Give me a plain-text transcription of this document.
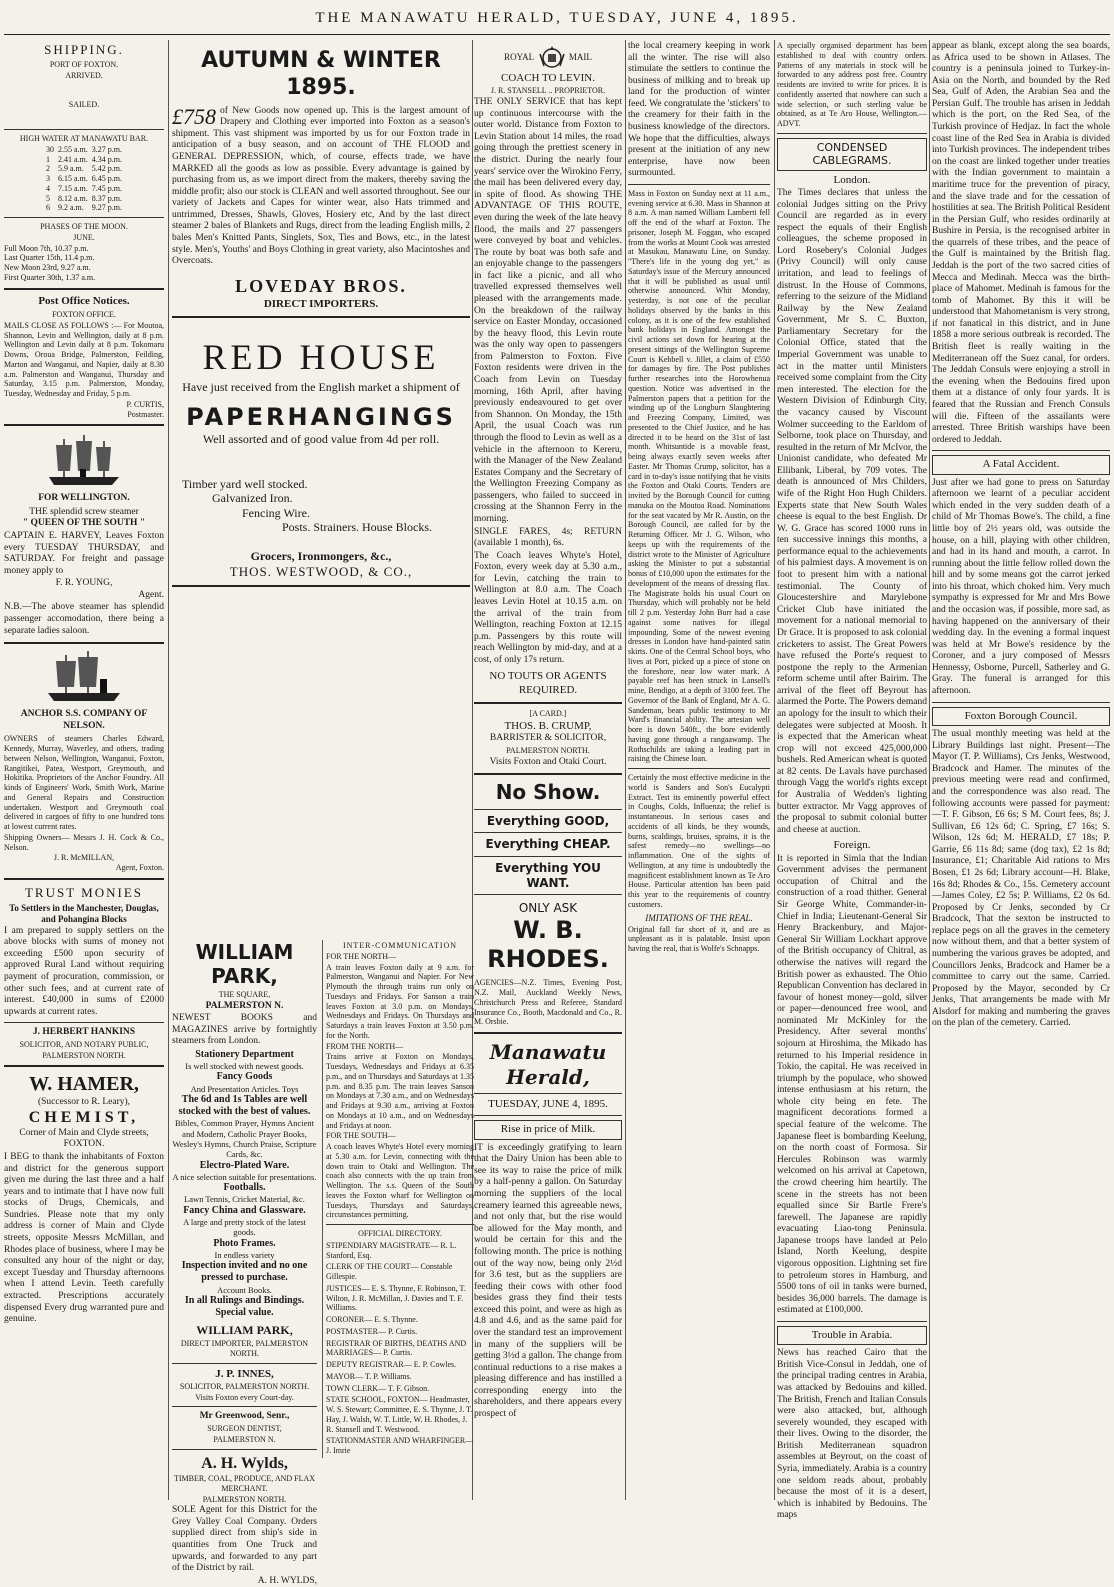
THE MANAWATU HERALD, TUESDAY, JUNE 4, 1895.
SHIPPING.
PORT OF FOXTON.
ARRIVED.
SAILED.
HIGH WATER AT MANAWATU BAR.
30	2.55 a.m.	3.27 p.m.
1	2.41 a.m.	4.34 p.m.
2	5.9 a.m.	5.42 p.m.
3	6.15 a.m.	6.45 p.m.
4	7.15 a.m.	7.45 p.m.
5	8.12 a.m.	8.37 p.m.
6	9.2 a.m.	9.27 p.m.
PHASES OF THE MOON.
JUNE.
Full Moon 7th, 10.37 p.m.
Last Quarter 15th, 11.4 p.m.
New Moon 23rd, 9.27 a.m.
First Quarter 30th, 1.37 a.m.
Post Office Notices.
FOXTON OFFICE.
MAILS CLOSE AS FOLLOWS :— For Moutoa, Shannon, Levin and Wellington, daily at 8 p.m. Wellington and Levin daily at 8 p.m. Tokomaru Downs, Oroua Bridge, Palmerston, Feilding, Marton and Wanganui, and Napier, daily at 8.30 a.m. Palmerston and Wanganui, Thursday and Saturday, 3.15 p.m. Palmerston, Monday, Tuesday, Wednesday and Friday, 5 p.m.
P. CURTIS,
Postmaster.
FOR WELLINGTON.
THE splendid screw steamer
" QUEEN OF THE SOUTH "
CAPTAIN E. HARVEY, Leaves Foxton every TUESDAY THURSDAY, and SATURDAY. For freight and passage money apply to
F. R. YOUNG,
Agent.
N.B.—The above steamer has splendid passenger accomodation, there being a separate ladies saloon.
ANCHOR S.S. COMPANY OF NELSON.
OWNERS of steamers Charles Edward, Kennedy, Murray, Waverley, and others, trading between Nelson, Wellington, Wanganui, Foxton, Rangitikei, Patea, Westport, Greymouth, and Hokitika. Proprietors of the Anchor Foundry. All kinds of Engineers' Work, Smith Work, Marine and General Repairs and Construction undertaken. Westport and Greymouth coal delivered in cargoes of fifty to one hundred tons at lowest current rates.
Shipping Owners— Messrs J. H. Cock & Co., Nelson.
J. R. McMILLAN,
Agent, Foxton.
TRUST MONIES
To Settlers in the Manchester, Douglas, and Pohangina Blocks
I am prepared to supply settlers on the above blocks with sums of money not exceeding £500 upon security of approved Rural Land without requiring payment of procuration, commission, or other such fees, and at current rate of interest. £40,000 in sums of £2000 upwards at current rates.
J. HERBERT HANKINS
SOLICITOR, AND NOTARY PUBLIC,
PALMERSTON NORTH.
W. HAMER,
(Successor to R. Leary),
CHEMIST,
Corner of Main and Clyde streets, FOXTON.
I BEG to thank the inhabitants of Foxton and district for the generous support given me during the last three and a half years and to intimate that I have now full stocks of Drugs, Chemicals, and Sundries. Please note that my only address is corner of Main and Clyde streets, opposite Messrs McMillan, and Rhodes place of business, where I may be consulted any hour of the night or day, except Tuesday and Thursday afternoons when I attend Levin. Teeth carefully extracted. Prescriptions accurately dispensed Every drug warranted pure and genuine.
AUTUMN & WINTER 1895.
£758 of New Goods now opened up. This is the largest amount of Drapery and Clothing ever imported into Foxton as a season's shipment. This vast shipment was imported by us for our Foxton trade in anticipation of a busy season, and on account of THE FLOOD and GENERAL DEPRESSION, which, of course, effects trade, we have MARKED all the goods as low as possible. Every advantage is gained by purchasing from us, as we import direct from the makers, thereby saving the middle profit; also our stock is CLEAN and well assorted throughout. See our variety of Jackets and Capes for winter wear, also Hats trimmed and untrimmed, Dresses, Shawls, Gloves, Hosiery etc, And by the last direct steamer 2 bales of Blankets and Rugs, direct from the leading English mills, 2 bales Men's Knitted Pants, Singlets, Sox, Ties and Bows, etc., in the latest style. Men's, Youths' and Boys Clothing in great variety, also Macintoshes and Overcoats.
LOVEDAY BROS.
DIRECT IMPORTERS.
RED HOUSE
Have just received from the English market a shipment of
PAPERHANGINGS
Well assorted and of good value from 4d per roll.
Timber yard well stocked.
Galvanized Iron.
Fencing Wire.
Posts. Strainers. House Blocks.
Grocers, Ironmongers, &c.,
THOS. WESTWOOD, & CO.,
WILLIAM PARK,
THE SQUARE,
PALMERSTON N.
NEWEST BOOKS and MAGAZINES arrive by fortnightly steamers from London.
Stationery Department
Is well stocked with newest goods.
Fancy Goods
And Presentation Articles. Toys
The 6d and 1s Tables are well stocked with the best of values.
Bibles, Common Prayer, Hymns Ancient and Modern, Catholic Prayer Books, Wesley's Hymns, Church Praise, Scripture Cards, &c.
Electro-Plated Ware.
A nice selection suitable for presentations.
Footballs.
Lawn Tennis, Cricket Material, &c.
Fancy China and Glassware.
A large and pretty stock of the latest goods.
Photo Frames.
In endless variety
Inspection invited and no one pressed to purchase.
Account Books.
In all Rulings and Bindings. Special value.
WILLIAM PARK,
DIRECT IMPORTER, PALMERSTON NORTH.
J. P. INNES,
SOLICITOR, PALMERSTON NORTH.
Visits Foxton every Court-day.
Mr Greenwood, Senr.,
SURGEON DENTIST,
PALMERSTON N.
A. H. Wylds,
TIMBER, COAL, PRODUCE, AND FLAX MERCHANT.
PALMERSTON NORTH.
SOLE Agent for this District for the Grey Valley Coal Company. Orders supplied direct from ship's side in quantities from One Truck and upwards, and forwarded to any part of the District by rail.
A. H. WYLDS,
INTER-COMMUNICATION
FOR THE NORTH—
A train leaves Foxton daily at 9 a.m. for Palmerston, Wanganui and Napier. For New Plymouth the through trains run only on Tuesdays and Fridays. For Sanson a train leaves Foxton at 3.0 p.m. on Mondays, Wednesdays and Fridays. On Thursdays and Saturdays a train leaves Foxton at 3.50 p.m. for the North.
FROM THE NORTH—
Trains arrive at Foxton on Mondays, Tuesdays, Wednesdays and Fridays at 6.35 p.m., and on Thursdays and Saturdays at 1.35 p.m. and 8.35 p.m. The train leaves Sanson on Mondays at 7.30 a.m., and on Wednesdays and Fridays at 9.30 a.m., arriving at Foxton on Mondays at 10 a.m., and on Wednesdays and Fridays at noon.
FOR THE SOUTH—
A coach leaves Whyte's Hotel every morning at 5.30 a.m. for Levin, connecting with the down train to Otaki and Wellington. The coach also connects with the up train from Wellington. The s.s. Queen of the South leaves the Foxton wharf for Wellington on Tuesdays, Thursdays and Saturdays, circumstances permitting.
OFFICIAL DIRECTORY.
STIPENDIARY MAGISTRATE— R. L. Stanford, Esq.
CLERK OF THE COURT— Constable Gillespie.
JUSTICES— E. S. Thynne, F. Robinson, T. Wilton, J. R. McMillan, J. Davies and T. F. Williams.
CORONER— E. S. Thynne.
POSTMASTER— P. Curtis.
REGISTRAR OF BIRTHS, DEATHS AND MARRIAGES— P. Curtis.
DEPUTY REGISTRAR— E. P. Cowles.
MAYOR— T. P. Williams.
TOWN CLERK— T. F. Gibson.
STATE SCHOOL, FOXTON— Headmaster, W. S. Stewart; Committee, E. S. Thynne, J. T. Hay, J. Walsh, W. T. Little, W. H. Rhodes, J. R. Stansell and T. Westwood.
STATIONMASTER AND WHARFINGER— J. Imrie
ROYAL	MAIL
COACH TO LEVIN.
J. R. STANSELL .. PROPRIETOR.
THE ONLY SERVICE that has kept up continuous intercourse with the outer world. Distance from Foxton to Levin Station about 14 miles, the road going through the prettiest scenery in the district. During the nearly four years' service over the Wirokino Ferry, the mail has been delivered every day, in spite of flood. As showing THE ADVANTAGE OF THIS ROUTE, even during the week of the late heavy flood, the mails and 27 passengers were conveyed by boat and vehicles. The route by boat was both safe and an enjoyable change to the passengers in fact like a picnic, and all who travelled expressed themselves well pleased with the arrangements made. On the breakdown of the railway service on Easter Monday, occasioned by the heavy flood, this Levin route was the only way open to passengers from Palmerston to Foxton. Five Foxton residents were driven in the Coach from Levin on Tuesday morning, 16th April, after having previously endeavoured to get over from Shannon. On Monday, the 15th April, the usual Coach was run through the flood to Levin as well as a vehicle in the afternoon to Kereru, with the Manager of the New Zealand Estates Company and the Secretary of the Wellington Freezing Company as passengers, who failed to succeed in crossing at the Shannon Ferry in the morning.
SINGLE FARES, 4s; RETURN (available 1 month), 6s.
The Coach leaves Whyte's Hotel, Foxton, every week day at 5.30 a.m., for Levin, catching the train to Wellington at 8.0 a.m. The Coach leaves Levin Hotel at 10.15 a.m. on the arrival of the train from Wellington, reaching Foxton at 12.15 p.m. Passengers by this route will reach Wellington by mid-day, and at a cost, of only 17s return.
NO TOUTS OR AGENTS REQUIRED.
[A CARD.]
THOS. B. CRUMP,
BARRISTER & SOLICITOR,
PALMERSTON NORTH.
Visits Foxton and Otaki Court.
No Show.
Everything GOOD,
Everything CHEAP.
Everything YOU WANT.
ONLY ASK
W. B. RHODES.
AGENCIES—N.Z. Times, Evening Post, N.Z. Mail, Auckland Weekly News, Christchurch Press and Referee, Standard Insurance Co., Booth, Macdonald and Co., R. M. Orsbie.
Manawatu Herald,
TUESDAY, JUNE 4, 1895.
Rise in price of Milk.
IT is exceedingly gratifying to learn that the Dairy Union has been able to see its way to raise the price of milk by a half-penny a gallon. On Saturday morning the suppliers of the local creamery learned this agreeable news, and not only that, but the rise would be allowed for the May month, and would be certain for this and the following month. The price is nothing out of the way now, being only 2½d for 3.6 test, but as the suppliers are feeding their cows with other food besides grass they find their tests exceed this point, and were as high as 4.8 and 4.6, and as the same paid for over the standard test an improvement in many of the suppliers will be getting 3½d a gallon. The change from continual reductions to a rise makes a pleasing difference and has instilled a corresponding energy into the shareholders, and there appears every prospect of
the local creamery keeping in work all the winter. The rise will also stimulate the settlers to continue the business of milking and to break up land for the production of winter feed. We congratulate the 'stickers' to the creamery for their faith in the business knowledge of the directors. We hope that the difficulties, always present at the initiation of any new enterprise, have now been surmounted.
Mass in Foxton on Sunday next at 11 a.m., evening service at 6.30. Mass in Shannon at 8 a.m. A man named William Lamberti fell off the end of the wharf at Foxton. The prisoner, Joseph M. Foggan, who escaped from the works at Mount Cook was arrested at Masukau, Manawatu Line, on Sunday. "There's life in the young dog yet," as Saturday's issue of the Mercury announced that it will be published as usual until otherwise announced. Whit Monday, yesterday, is not one of the peculiar holidays observed by the banks in this colony, as it is one of the few established bank holidays in England. Amongst the civil actions set down for hearing at the present sittings of the Wellington Supreme Court is Kebbell v. Jillet, a claim of £550 for damages by fire. The Post publishes further researches into the Horowhenua question. Notice was advertised in the Palmerston papers that a petition for the winding up of the Longburn Slaughtering and Freezing Company, Limited, was presented to the Chief Justice, and he has directed it to be heard on the 31st of last month. Whitsuntide is a movable feast, being always exactly seven weeks after Easter. Mr Thomas Crump, solicitor, has a card in to-day's issue notifying that he visits the Foxton and Otaki Courts. Tenders are invited by the Borough Council for cutting manuka on the Moutoa Road. Nominations for the seat vacated by Mr R. Austin, on the Borough Council, are called for by the Returning Officer. Mr J. G. Wilson, who keeps up with the requirements of the district wrote to the Minister of Agriculture asking the Minister to put a substantial bonus of £10,000 upon the estimates for the development of the means of dressing flax. The Magistrate holds his usual Court on Thursday, which will probably not be held till 2 p.m. Yesterday John Burr had a case against some natives for illegal impounding. Some of the newest evening dresses in London have hand-painted satin skirts. One of the Central School boys, who lives at Port, picked up a piece of stone on the foreshore, near low water mark. A payable reef has been struck in Lansell's mine, Bendigo, at a depth of 3100 feet. The Governor of the Bank of England, Mr A. G. Sandeman, bears public testimony to Mr Ward's financial ability. The artesian well bore is down 540ft., the bore evidently having gone through a rangaawamp. The Rothschilds are taking a leading part in raising the Chinese loan.
Certainly the most effective medicine in the world is Sanders and Son's Eucalypti Extract. Test its eminently powerful effect in Coughs, Colds, Influenza; the relief is instantaneous. In serious cases and accidents of all kinds, be they wounds, burns, scaldings, bruises, sprains, it is the safest remedy—no swellings—no inflammation. One of the sights of Wellington, at any time is undoubtedly the magnificent establishment known as Te Aro House. Particular attention has been paid this year to the requirements of country customers.
IMITATIONS OF THE REAL.
Original fall far short of it, and are as unpleasant as it is palatable. Insist upon having the real, that is Wolfe's Schnapps.
A specially organised department has been established to deal with country orders. Patterns of any materials in stock will be forwarded to any address post free. Country residents are invited to write for prices. It is confidently asserted that nowhere can such a wide selection, or such sterling value be obtained, as at Te Aro House, Wellington.—ADVT.
CONDENSED CABLEGRAMS.
London.
The Times declares that unless the colonial Judges sitting on the Privy Council are regarded as in every respect the equals of their English colleagues, the scheme proposed in Lord Rosebery's Colonial Judges (Privy Council) will only cause irritation, and lead to feelings of distrust. In the House of Commons, referring to the seizure of the Midland Railway by the New Zealand Government, Mr S. C. Buxton, Parliamentary Secretary for the Colonial Office, stated that the Imperial Government was unable to act in the matter until Ministers received some complaint from the City men interested. The election for the Western Division of Edinburgh City, the vacancy caused by Viscount Wolmer succeeding to the Earldom of Selborne, took place on Thursday, and resulted in the return of Mr McIvor, the Unionist candidate, who defeated Mr Ellibank, Liberal, by 709 votes. The death is announced of Mrs Childers, wife of the Right Hon Hugh Childers. Experts state that New South Wales cheese is equal to the best English. Dr W. G. Grace has scored 1000 runs in ten successive innings this months, a performance equal to the achievements of his palmiest days. A movement is on foot to present him with a national testimonial. The County of Gloucestershire and Marylebone Cricket Club have initiated the movement for a national memorial to Dr Grace. It is proposed to ask colonial cricketers to assist. The Great Powers have refused the Porte's request to postpone the reply to the Armenian reform scheme until after Bairim. The arrival of the fleet off Beyrout has alarmed the Porte. The Powers demand an apology for the insult to which their delegates were subjected at Moosh. It is expected that the American wheat crop will not exceed 425,000,000 bushels. Red American wheat is quoted at 82 cents. De Lavals have purchased through Vagg the world's rights except for Australia of Wedden's lighting butter extractor. Mr Vagg approves of the proposal to submit colonial butter and cheese at auction.
Foreign.
It is reported in Simla that the Indian Government advises the permanent occupation of Chitral and the construction of a road thither. General Sir George White, Commander-in-Chief in India; Lieutenant-General Sir Henry Brackenbury, and Major-General Sir William Lockhart approve of the British occupancy of Chitral, as otherwise the natives will regard the British power as exhausted. The Ohio Republican Convention has declared in favour of honest money—gold, silver or paper—denounced free wool, and nominated Mr McKinley for the Presidency. After several months' sojourn at Hiroshima, the Mikado has returned to his Imperial residence in Tokio, the capital. He was received in triumph by the populace, who showed intense enthusiasm at his return, the whole city being en fete. The magnificent decorations formed a special feature of the welcome. The Japanese fleet is bombarding Keelung, on the north coast of Formosa. Sir Hercules Robinson was warmly welcomed on his arrival at Capetown, the crowd cheering him heartily. The scene in the streets has not been equalled since Sir Bartle Frere's farewell. The Japanese are rapidly evacuating Liao-tong Peninsula. Japanese troops have landed at Pelo Island, North Keelung, despite vigorous opposition. Lightning set fire to petroleum stores in Hamburg, and 5500 tons of oil in tanks were burned, besides 36,000 barrels. The damage is estimated at £100,000.
Trouble in Arabia.
News has reached Cairo that the British Vice-Consul in Jeddah, one of the principal trading centres in Arabia, was attacked by Bedouins and killed. The British, French and Italian Consuls were also attacked, but, although severely wounded, they escaped with their lives. Owing to the disorder, the British Mediterranean squadron assembles at Beyrout, on the coast of Syria, immediately. Arabia is a country one seldom reads about, probably because the most of it is a desert, which is inhabited by Bedouins. The maps
appear as blank, except along the sea boards, as Africa used to be shown in Atlases. The country is a peninsula joined to Turkey-in-Asia on the North, and bounded by the Red Sea, Gulf of Aden, the Arabian Sea and the Persian Gulf. The trouble has arisen in Jeddah which is the port, on the Red Sea, of the Turkish province of Hedjaz. In fact the whole coast line of the Red Sea in Arabia is divided into Turkish provinces. The independent tribes on the coast are linked together under treaties with the Indian government to maintain a maritime truce for the prevention of piracy, and the slave trade and for the cessation of hostilities at sea. The British Political Resident in the Persian Gulf, who resides ordinarily at Bushire in Persia, is the recognised arbiter in the quarrels of these tribes, and the peace of the Gulf is maintained by the British flag. Jeddah is the port of the two sacred cities of Mecca and Medinah. Mecca was the birth-place of Mahomet. Medinah is famous for the tomb of Mahomet. By this it will be understood that Mahometanism is very strong, if not fanatical in this district, and in June 1858 a more serious outbreak is recorded. The British fleet is really waiting in the Mediterranean off the Suez canal, for orders. The Jeddah Consuls were enjoying a stroll in the evening when the Bedouins fired upon them at a distance of only four yards. It is feared that the Russian and French Consuls will die. Fifteen of the assailants were arrested. Three British warships have been ordered to Jeddah.
A Fatal Accident.
Just after we had gone to press on Saturday afternoon we learnt of a peculiar accident which ended in the very sudden death of a child of Mr Thomas Bowe's. The child, a fine little boy of 2½ years old, was outside the house, on a hill, playing with other children, and had in its hand and mouth, a carrot. In running about the little fellow rolled down the hill and by some means got the carrot jerked into his throat, which choked him. Very much sympathy is expressed for Mr and Mrs Bowe and the occasion was, if possible, more sad, as having happened on the anniversary of their wedding day. In the evening a formal inquest was held at Mr Bowe's residence by the Coroner, and a jury composed of Messrs Hennessy, Osborne, Purcell, Satherley and G. Gray. The funeral is arranged for this afternoon.
Foxton Borough Council.
The usual monthly meeting was held at the Library Buildings last night. Present—The Mayor (T. P. Williams), Crs Jenks, Westwood, Bradcock and Hamer. The minutes of the previous meeting were read and confirmed, and the correspondence was also read. The following accounts were passed for payment:—T. F. Gibson, £6 6s; S M. Court fees, 8s; J. Sullivan, £6 12s 6d; C. Spring, £7 16s; S. Wilson, 12s 6d; M. HERALD, £7 18s; P. Garrie, £6 11s 8d; same (dog tax), £2 1s 8d; Insurance, £1; Charitable Aid rations to Mrs Bosen, £1 2s 6d; Library account—H. Blake, 16s 8d; Rhodes & Co., 15s. Cemetery account—James Coley, £2 5s; P. Williams, £2 0s 6d. Proposed by Cr Jenks, seconded by Cr Bradcock, That the sexton be instructed to replace pegs on all the graves in the cemetery now without them, and that a better system of numbering the various graves be adopted, and Councillors Jenks, Bradcock and Hamer be a committee to carry out the same. Carried. Proposed by the Mayor, seconded by Cr Jenks, That arrangements be made with Mr Alsdorf for making and numbering the graves on the plan of the cemetery. Carried.
